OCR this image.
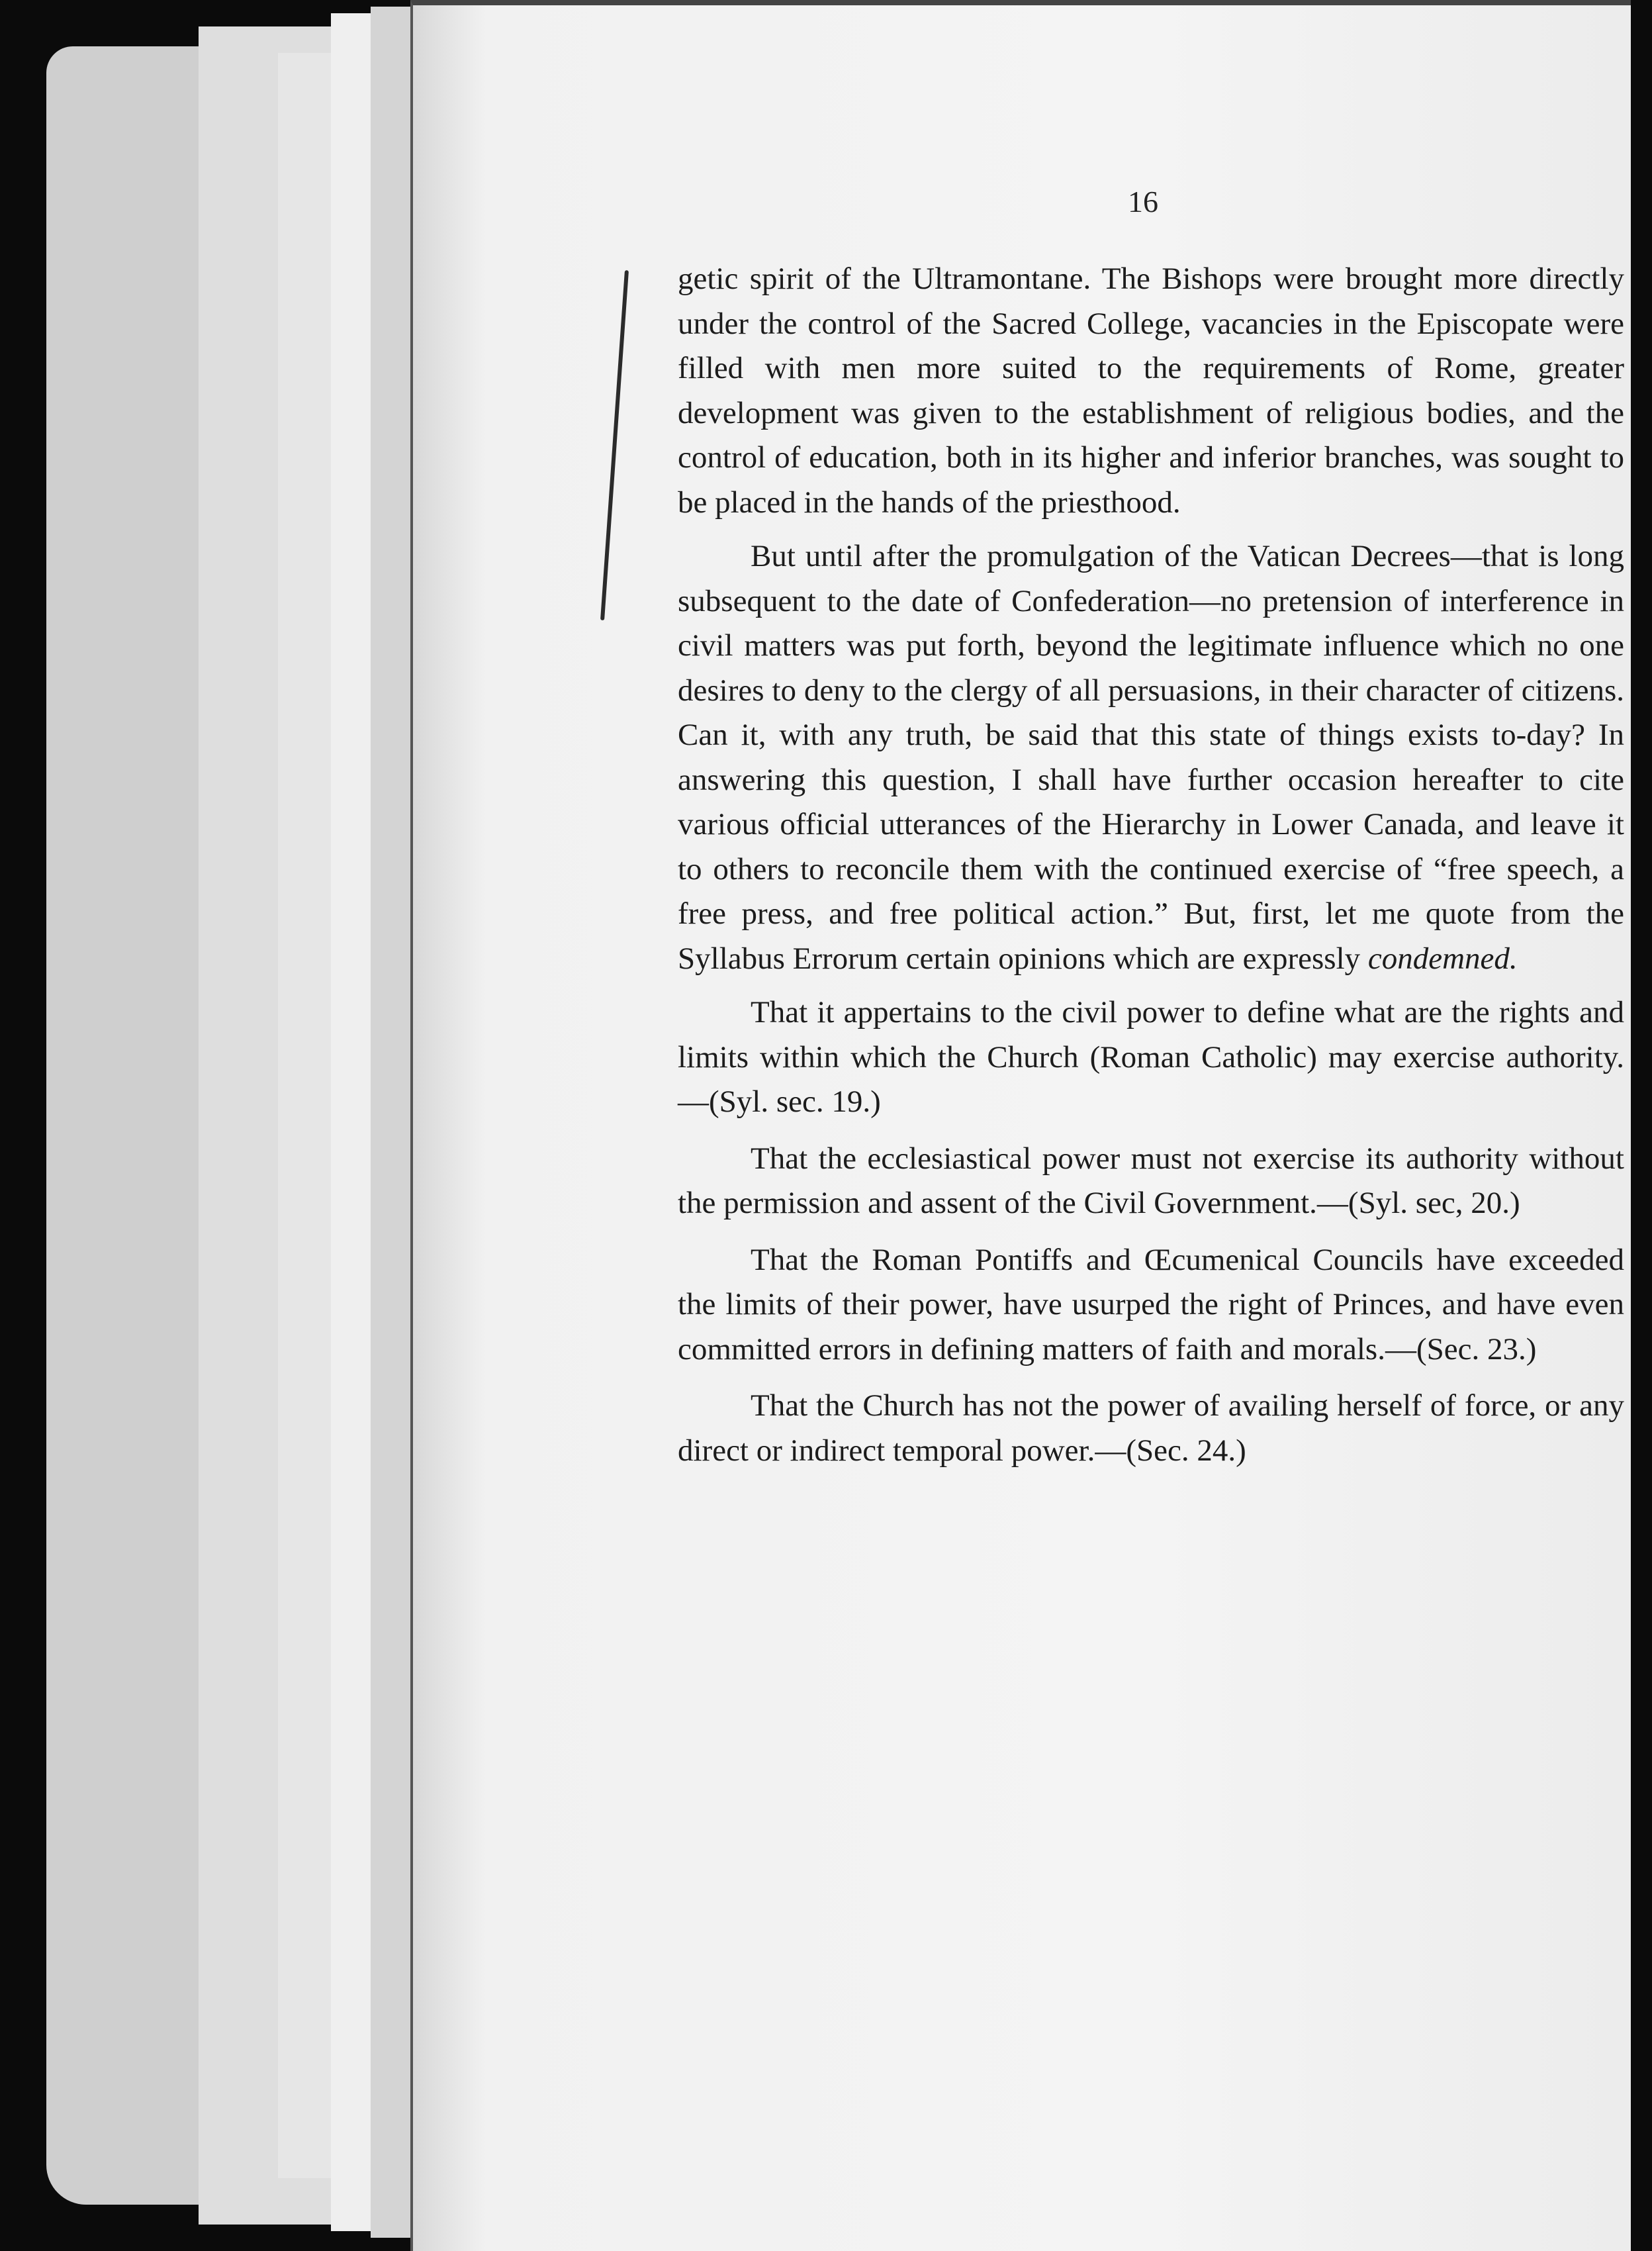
16

getic spirit of the Ultramontane. The Bishops were brought more directly under the control of the Sacred College, vacancies in the Episcopate were filled with men more suited to the requirements of Rome, greater development was given to the establishment of religious bodies, and the control of education, both in its higher and inferior branches, was sought to be placed in the hands of the priesthood.

But until after the promulgation of the Vatican Decrees—that is long subsequent to the date of Confederation—no pretension of interference in civil matters was put forth, beyond the legitimate influence which no one desires to deny to the clergy of all persuasions, in their character of citizens. Can it, with any truth, be said that this state of things exists to-day? In answering this question, I shall have further occasion hereafter to cite various official utterances of the Hierarchy in Lower Canada, and leave it to others to reconcile them with the continued exercise of “free speech, a free press, and free political action.” But, first, let me quote from the Syllabus Errorum certain opinions which are expressly condemned.

That it appertains to the civil power to define what are the rights and limits within which the Church (Roman Catholic) may exercise authority.—(Syl. sec. 19.)

That the ecclesiastical power must not exercise its authority without the permission and assent of the Civil Government.—(Syl. sec, 20.)

That the Roman Pontiffs and Œcumenical Councils have exceeded the limits of their power, have usurped the right of Princes, and have even committed errors in defining matters of faith and morals.—(Sec. 23.)

That the Church has not the power of availing herself of force, or any direct or indirect temporal power.—(Sec. 24.)
